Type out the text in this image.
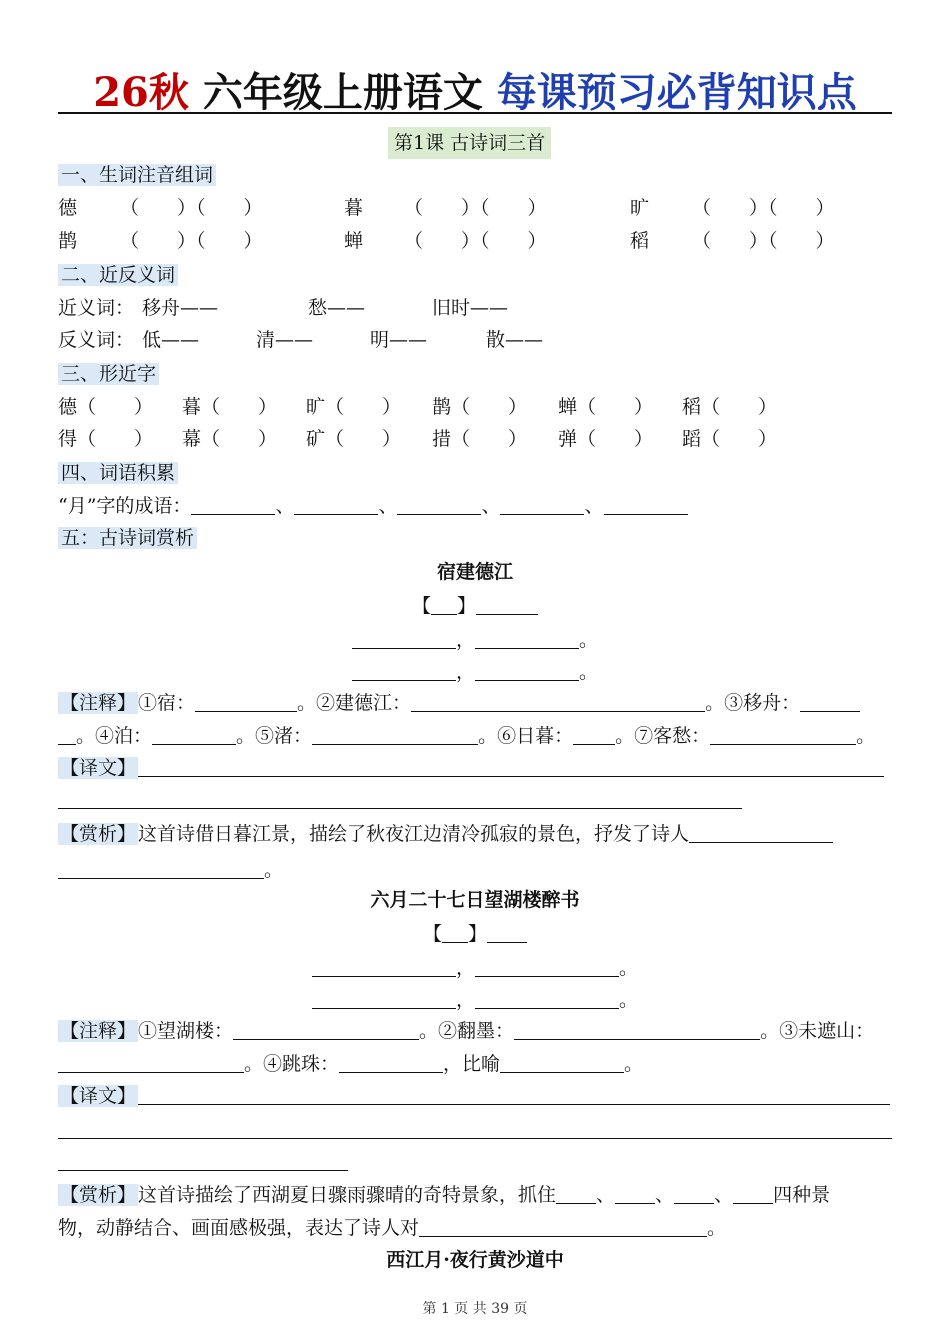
26秋 六年级上册语文 每课预习必背知识点
第1课 古诗词三首
一、生词注音组词
德 （　　）（　　）	暮 （　　）（　　）	旷 （　　）（　　）
鹊 （　　）（　　）	蝉 （　　）（　　）	稻 （　　）（　　）
二、近反义词
近义词： 移舟——	愁——	旧时——
反义词： 低——	清——	明——	散——
三、形近字
德（　　） 暮（　　） 旷（　　） 鹊（　　） 蝉（　　） 稻（　　）
得（　　） 幕（　　） 矿（　　） 措（　　） 弹（　　） 蹈（　　）
四、词语积累
“月”字的成语：	、	、	、	、
五：古诗词赏析
宿建德江
【 】
，	。
，	。
【注释】 ①宿：	。②建德江：	。③移舟：
。④泊：	。⑤渚：	。⑥日暮： 。⑦客愁：	。
【译文】
【赏析】 这首诗借日暮江景，描绘了秋夜江边清冷孤寂的景色，抒发了诗人
。
六月二十七日望湖楼醉书
【 】
，	。
，	。
【注释】 ①望湖楼：	。②翻墨：	。③未遮山：
。④跳珠：	，比喻	。
【译文】
【赏析】 这首诗描绘了西湖夏日骤雨骤晴的奇特景象，抓住 、 、 、 四种景
物，动静结合、画面感极强，表达了诗人对	。
西江月·夜行黄沙道中
第 1 页 共 39 页
